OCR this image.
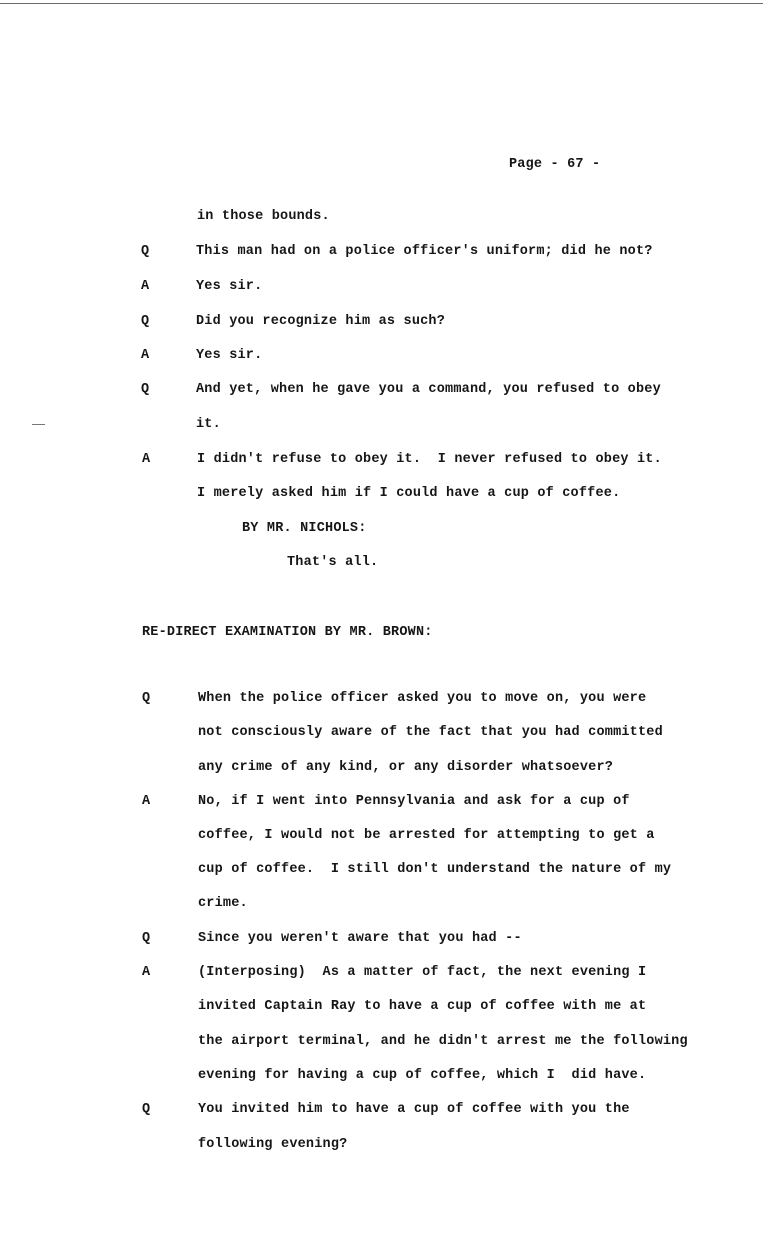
Page - 67 -
in those bounds.
Q	This man had on a police officer's uniform; did he not?
A	Yes sir.
Q	Did you recognize him as such?
A	Yes sir.
Q	And yet, when he gave you a command, you refused to obey
it.
A	I didn't refuse to obey it.  I never refused to obey it.
I merely asked him if I could have a cup of coffee.
BY MR. NICHOLS:
That's all.
RE-DIRECT EXAMINATION BY MR. BROWN:
Q	When the police officer asked you to move on, you were
not consciously aware of the fact that you had committed
any crime of any kind, or any disorder whatsoever?
A	No, if I went into Pennsylvania and ask for a cup of
coffee, I would not be arrested for attempting to get a
cup of coffee.  I still don't understand the nature of my
crime.
Q	Since you weren't aware that you had --
A	(Interposing)  As a matter of fact, the next evening I
invited Captain Ray to have a cup of coffee with me at
the airport terminal, and he didn't arrest me the following
evening for having a cup of coffee, which I  did have.
Q	You invited him to have a cup of coffee with you the
following evening?
